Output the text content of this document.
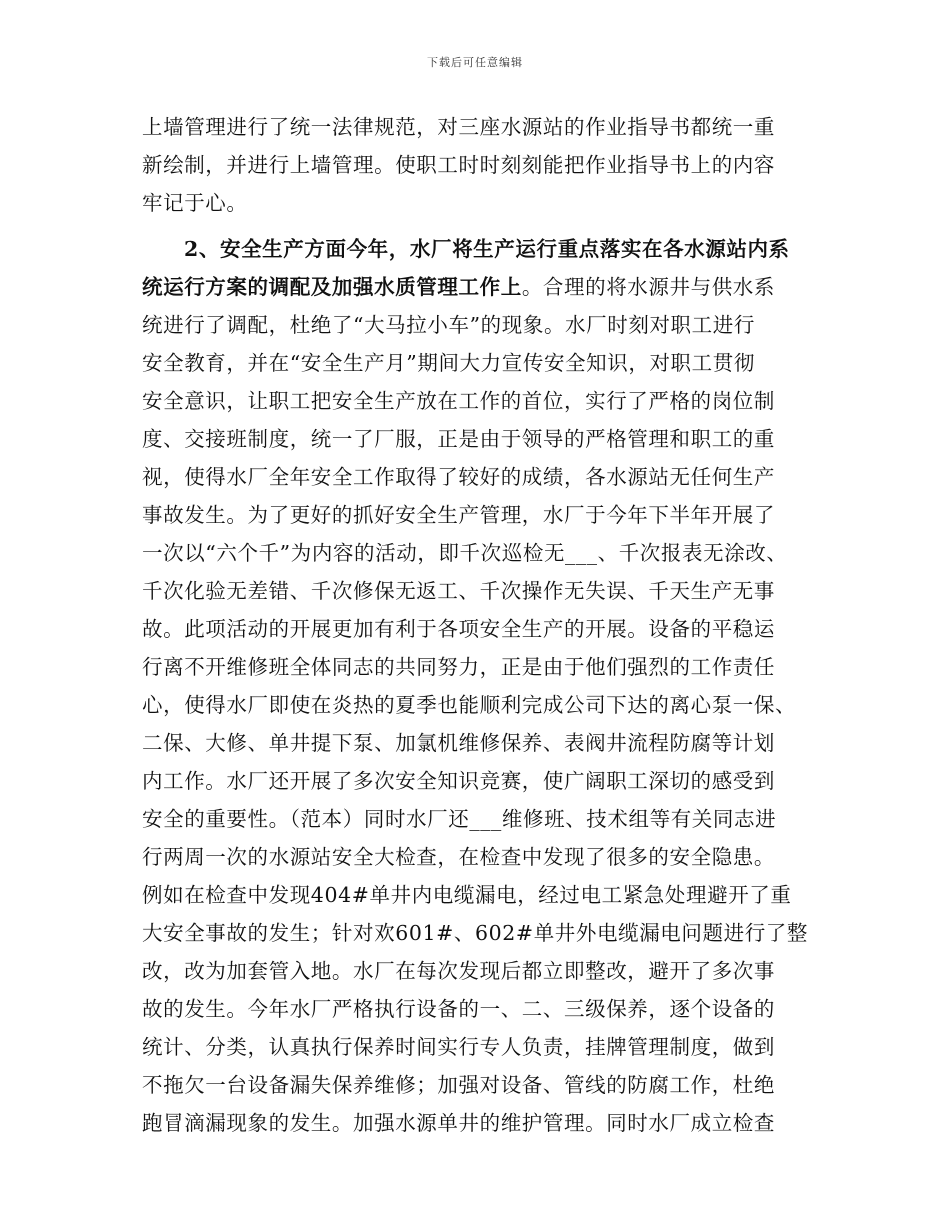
下载后可任意编辑
上墙管理进行了统一法律规范，对三座水源站的作业指导书都统一重
新绘制，并进行上墙管理。使职工时时刻刻能把作业指导书上的内容
牢记于心。
2、安全生产方面今年，水厂将生产运行重点落实在各水源站内系
统运行方案的调配及加强水质管理工作上。合理的将水源井与供水系
统进行了调配，杜绝了“大马拉小车”的现象。水厂时刻对职工进行
安全教育，并在“安全生产月”期间大力宣传安全知识，对职工贯彻
安全意识，让职工把安全生产放在工作的首位，实行了严格的岗位制
度、交接班制度，统一了厂服，正是由于领导的严格管理和职工的重
视，使得水厂全年安全工作取得了较好的成绩，各水源站无任何生产
事故发生。为了更好的抓好安全生产管理，水厂于今年下半年开展了
一次以“六个千”为内容的活动，即千次巡检无___、千次报表无涂改、
千次化验无差错、千次修保无返工、千次操作无失误、千天生产无事
故。此项活动的开展更加有利于各项安全生产的开展。设备的平稳运
行离不开维修班全体同志的共同努力，正是由于他们强烈的工作责任
心，使得水厂即使在炎热的夏季也能顺利完成公司下达的离心泵一保、
二保、大修、单井提下泵、加氯机维修保养、表阀井流程防腐等计划
内工作。水厂还开展了多次安全知识竞赛，使广阔职工深切的感受到
安全的重要性。（范本）同时水厂还___维修班、技术组等有关同志进
行两周一次的水源站安全大检查，在检查中发现了很多的安全隐患。
例如在检查中发现404#单井内电缆漏电，经过电工紧急处理避开了重
大安全事故的发生；针对欢601#、602#单井外电缆漏电问题进行了整
改，改为加套管入地。水厂在每次发现后都立即整改，避开了多次事
故的发生。今年水厂严格执行设备的一、二、三级保养，逐个设备的
统计、分类，认真执行保养时间实行专人负责，挂牌管理制度，做到
不拖欠一台设备漏失保养维修；加强对设备、管线的防腐工作，杜绝
跑冒滴漏现象的发生。加强水源单井的维护管理。同时水厂成立检查
